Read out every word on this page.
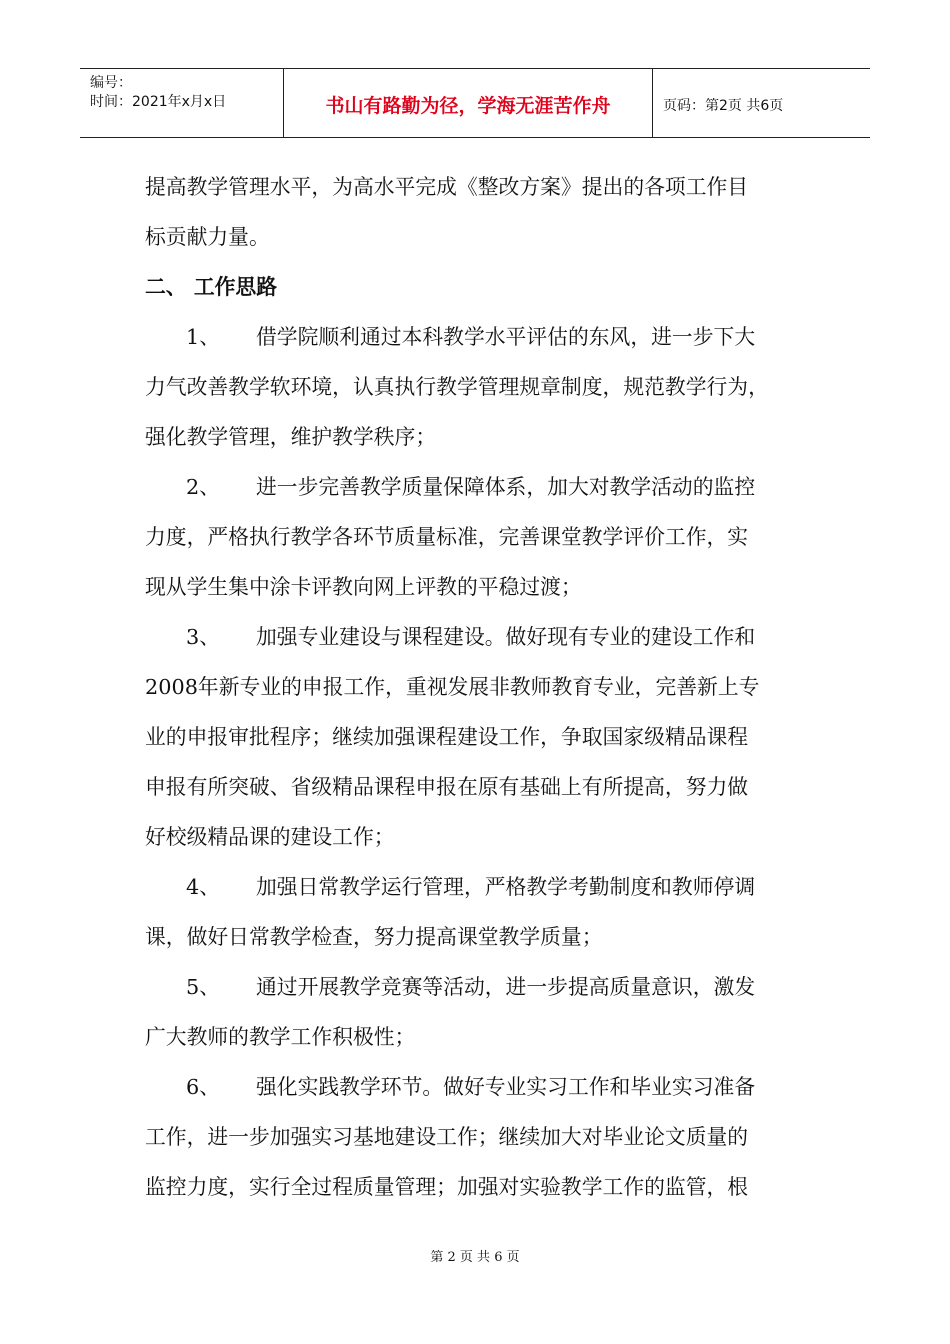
编号：
时间：2021年x月x日	书山有路勤为径，学海无涯苦作舟	页码：第2页 共6页
提高教学管理水平，为高水平完成《整改方案》提出的各项工作目
标贡献力量。
二、 工作思路
1、 借学院顺利通过本科教学水平评估的东风，进一步下大
力气改善教学软环境，认真执行教学管理规章制度，规范教学行为，
强化教学管理，维护教学秩序；
2、 进一步完善教学质量保障体系，加大对教学活动的监控
力度，严格执行教学各环节质量标准，完善课堂教学评价工作，实
现从学生集中涂卡评教向网上评教的平稳过渡；
3、 加强专业建设与课程建设。做好现有专业的建设工作和
2008年新专业的申报工作，重视发展非教师教育专业，完善新上专
业的申报审批程序；继续加强课程建设工作，争取国家级精品课程
申报有所突破、省级精品课程申报在原有基础上有所提高，努力做
好校级精品课的建设工作；
4、 加强日常教学运行管理，严格教学考勤制度和教师停调
课，做好日常教学检查，努力提高课堂教学质量；
5、 通过开展教学竞赛等活动，进一步提高质量意识，激发
广大教师的教学工作积极性；
6、 强化实践教学环节。做好专业实习工作和毕业实习准备
工作，进一步加强实习基地建设工作；继续加大对毕业论文质量的
监控力度，实行全过程质量管理；加强对实验教学工作的监管，根
第 2 页 共 6 页
